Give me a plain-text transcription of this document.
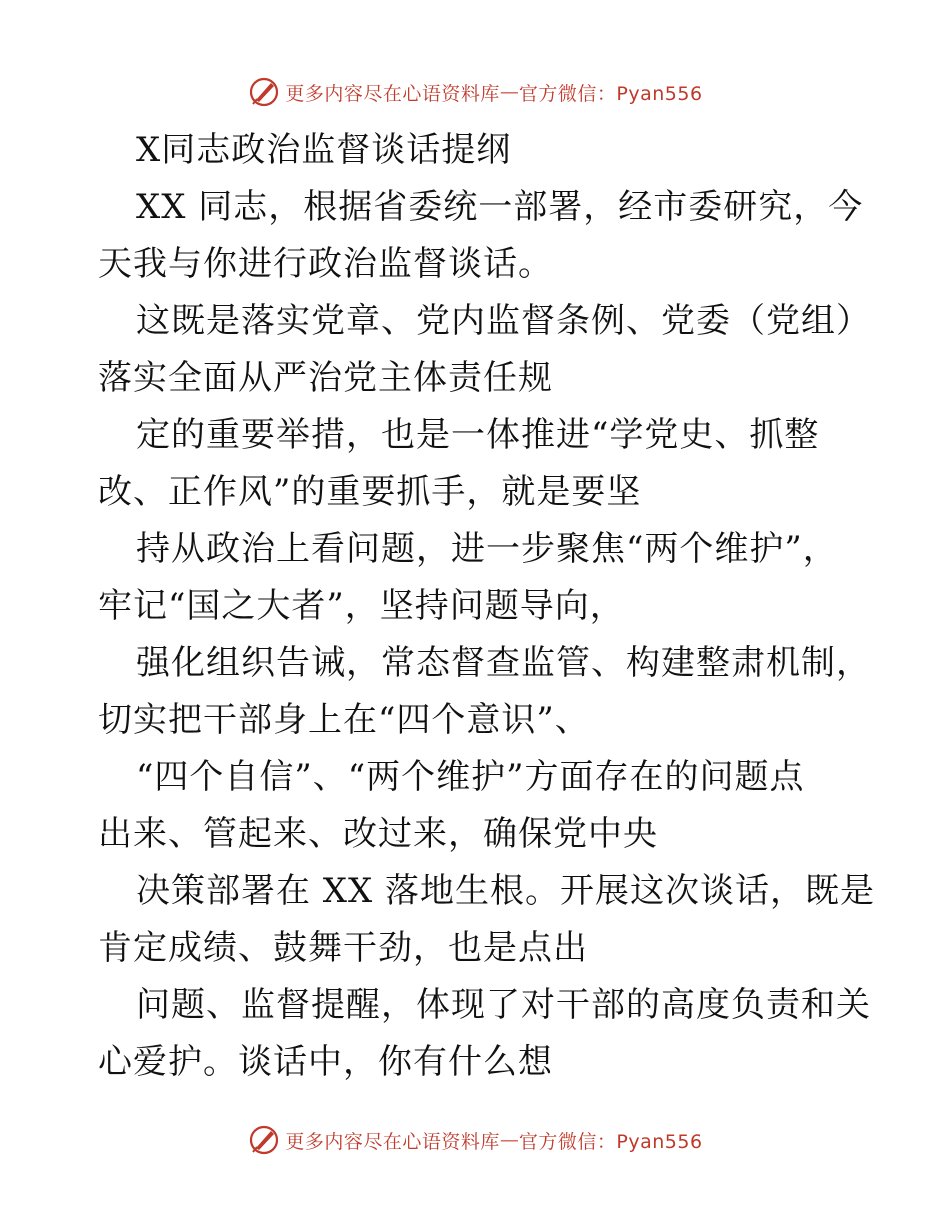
更多内容尽在心语资料库 — 官方微信：Pyan556
X同志政治监督谈话提纲
XX 同志，根据省委统一部署，经市委研究，今
天我与你进行政治监督谈话。
这既是落实党章、党内监督条例、党委（党组）
落实全面从严治党主体责任规
定的重要举措，也是一体推进“学党史、抓整
改、正作风”的重要抓手，就是要坚
持从政治上看问题，进一步聚焦“两个维护”，
牢记“国之大者”，坚持问题导向，
强化组织告诫，常态督查监管、构建整肃机制，
切实把干部身上在“四个意识”、
“四个自信”、“两个维护”方面存在的问题点
出来、管起来、改过来，确保党中央
决策部署在 XX 落地生根。开展这次谈话，既是
肯定成绩、鼓舞干劲，也是点出
问题、监督提醒，体现了对干部的高度负责和关
心爱护。谈话中，你有什么想
更多内容尽在心语资料库 — 官方微信：Pyan556
